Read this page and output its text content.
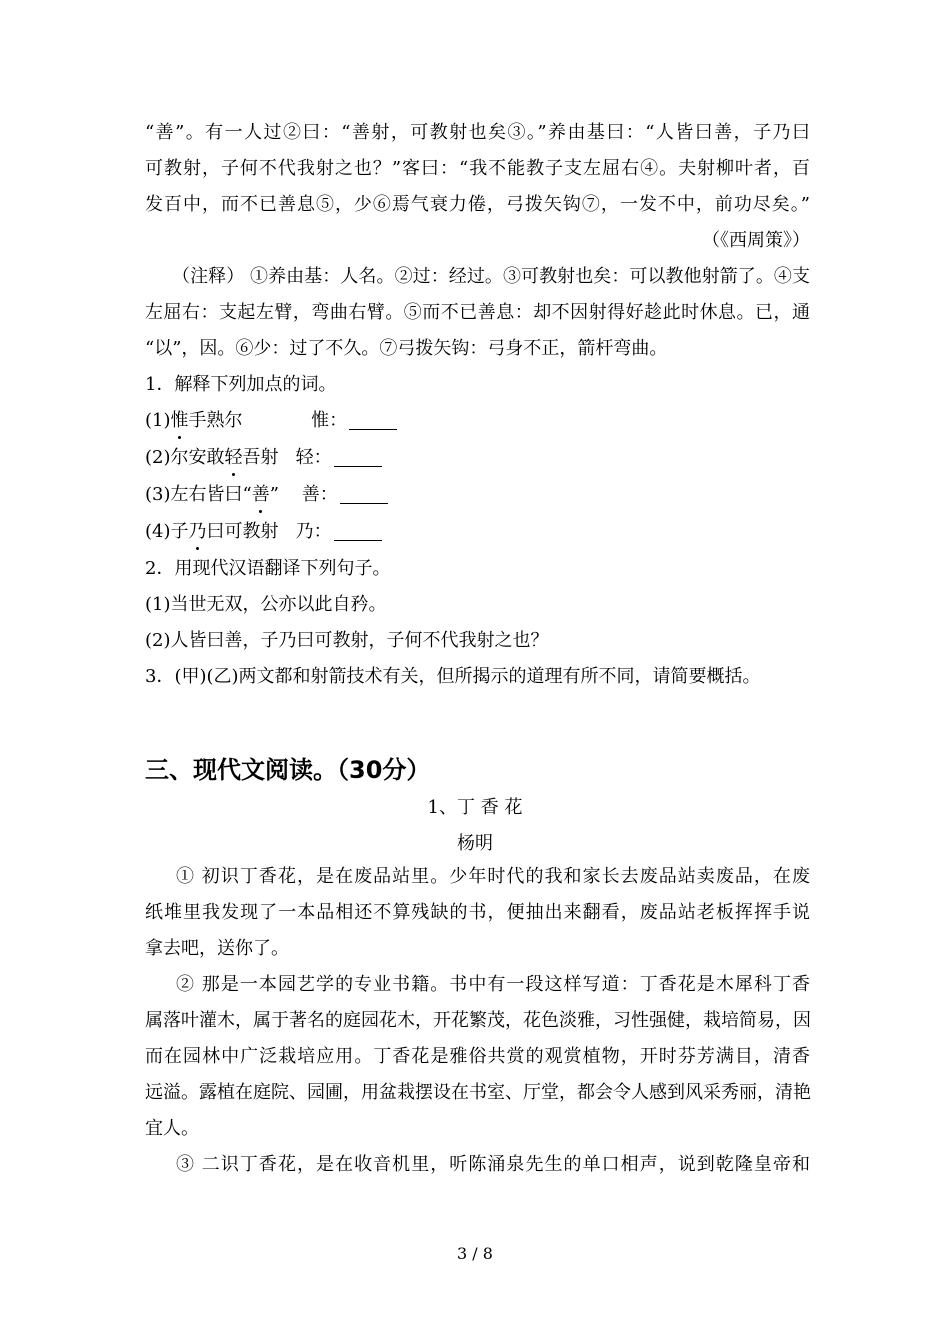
“善”。有一人过②曰：“善射，可教射也矣③。”养由基曰：“人皆曰善，子乃曰
可教射，子何不代我射之也？”客曰：“我不能教子支左屈右④。夫射柳叶者，百
发百中，而不已善息⑤，少⑥焉气衰力倦，弓拨矢钩⑦，一发不中，前功尽矣。”
（《西周策》）
（注释） ①养由基：人名。②过：经过。③可教射也矣：可以教他射箭了。④支
左屈右：支起左臂，弯曲右臂。⑤而不已善息：却不因射得好趁此时休息。已，通
“以”，因。⑥少：过了不久。⑦弓拨矢钩：弓身不正，箭杆弯曲。
1．解释下列加点的词。
(1)惟手熟尔	惟：
(2)尔安敢轻吾射 轻：
(3)左右皆曰“善” 善：
(4)子乃曰可教射 乃：
2．用现代汉语翻译下列句子。
(1)当世无双，公亦以此自矜。
(2)人皆曰善，子乃曰可教射，子何不代我射之也？
3．(甲)(乙)两文都和射箭技术有关，但所揭示的道理有所不同，请简要概括。
三、现代文阅读。（30分）
1、丁 香 花
杨明
① 初识丁香花，是在废品站里。少年时代的我和家长去废品站卖废品，在废
纸堆里我发现了一本品相还不算残缺的书，便抽出来翻看，废品站老板挥挥手说
拿去吧，送你了。
② 那是一本园艺学的专业书籍。书中有一段这样写道：丁香花是木犀科丁香
属落叶灌木，属于著名的庭园花木，开花繁茂，花色淡雅，习性强健，栽培简易，因
而在园林中广泛栽培应用。丁香花是雅俗共赏的观赏植物，开时芬芳满目，清香
远溢。露植在庭院、园圃，用盆栽摆设在书室、厅堂，都会令人感到风采秀丽，清艳
宜人。
③ 二识丁香花，是在收音机里，听陈涌泉先生的单口相声，说到乾隆皇帝和
3 / 8
